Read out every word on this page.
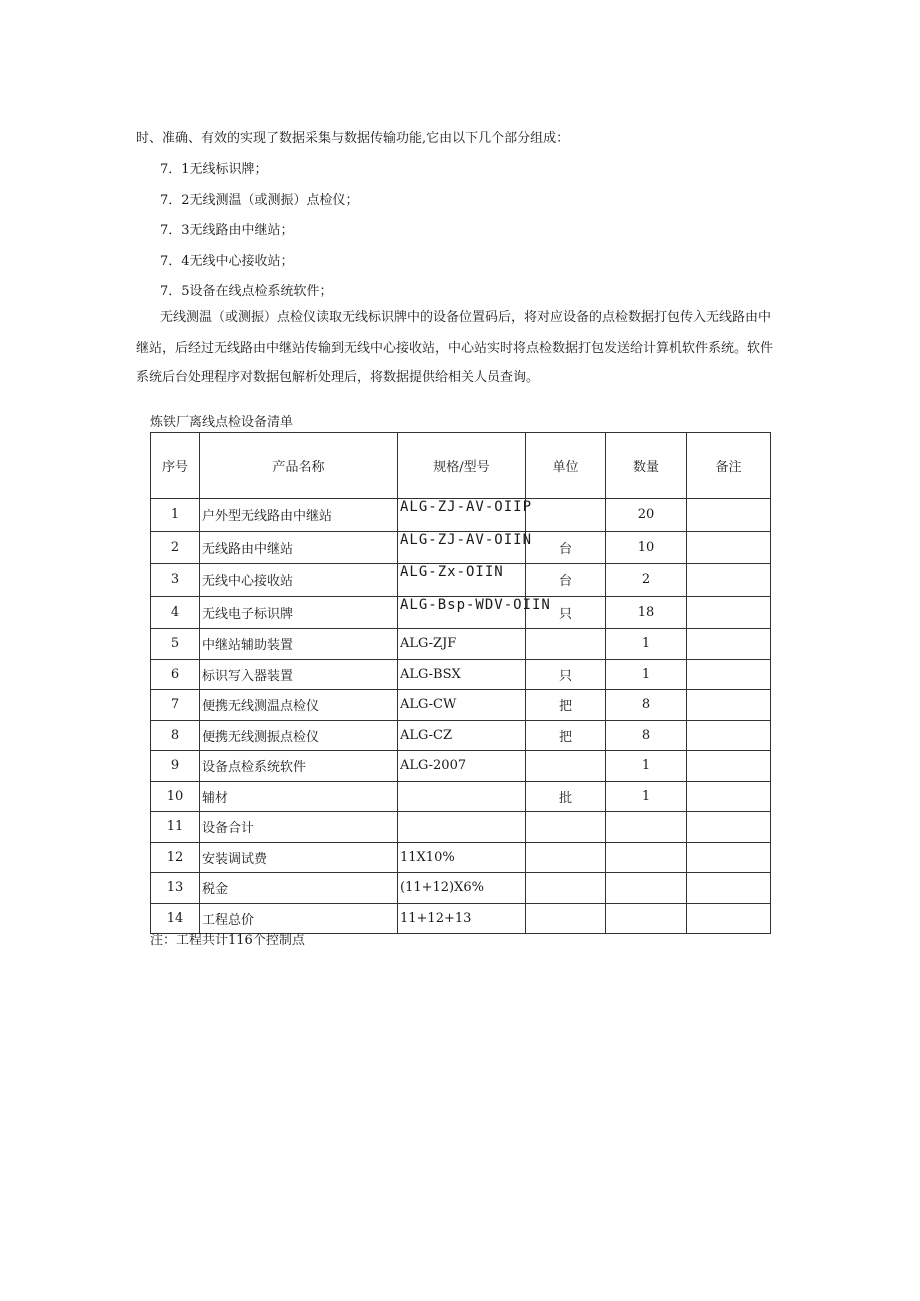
时、准确、有效的实现了数据采集与数据传输功能,它由以下几个部分组成：
7．1无线标识牌；
7．2无线测温（或测振）点检仪；
7．3无线路由中继站；
7．4无线中心接收站；
7．5设备在线点检系统软件；
无线测温（或测振）点检仪读取无线标识牌中的设备位置码后，将对应设备的点检数据打包传入无线路由中
继站，后经过无线路由中继站传输到无线中心接收站，中心站实时将点检数据打包发送给计算机软件系统。软件
系统后台处理程序对数据包解析处理后，将数据提供给相关人员查询。
炼铁厂离线点检设备清单
序号	产品名称	规格/型号	单位	数量	备注
1	户外型无线路由中继站	ALG-ZJ-AV-OIIP		20	
2	无线路由中继站	ALG-ZJ-AV-OIIN	台	10	
3	无线中心接收站	ALG-Zx-OIIN	台	2	
4	无线电子标识牌	ALG-Bsp-WDV-OIIN	只	18	
5	中继站辅助装置	ALG-ZJF		1	
6	标识写入器装置	ALG-BSX	只	1	
7	便携无线测温点检仪	ALG-CW	把	8	
8	便携无线测振点检仪	ALG-CZ	把	8	
9	设备点检系统软件	ALG-2007		1	
10	辅材		批	1	
11	设备合计				
12	安装调试费	11X10%			
13	税金	(11+12)X6%			
14	工程总价	11+12+13			
注：工程共计116个控制点
